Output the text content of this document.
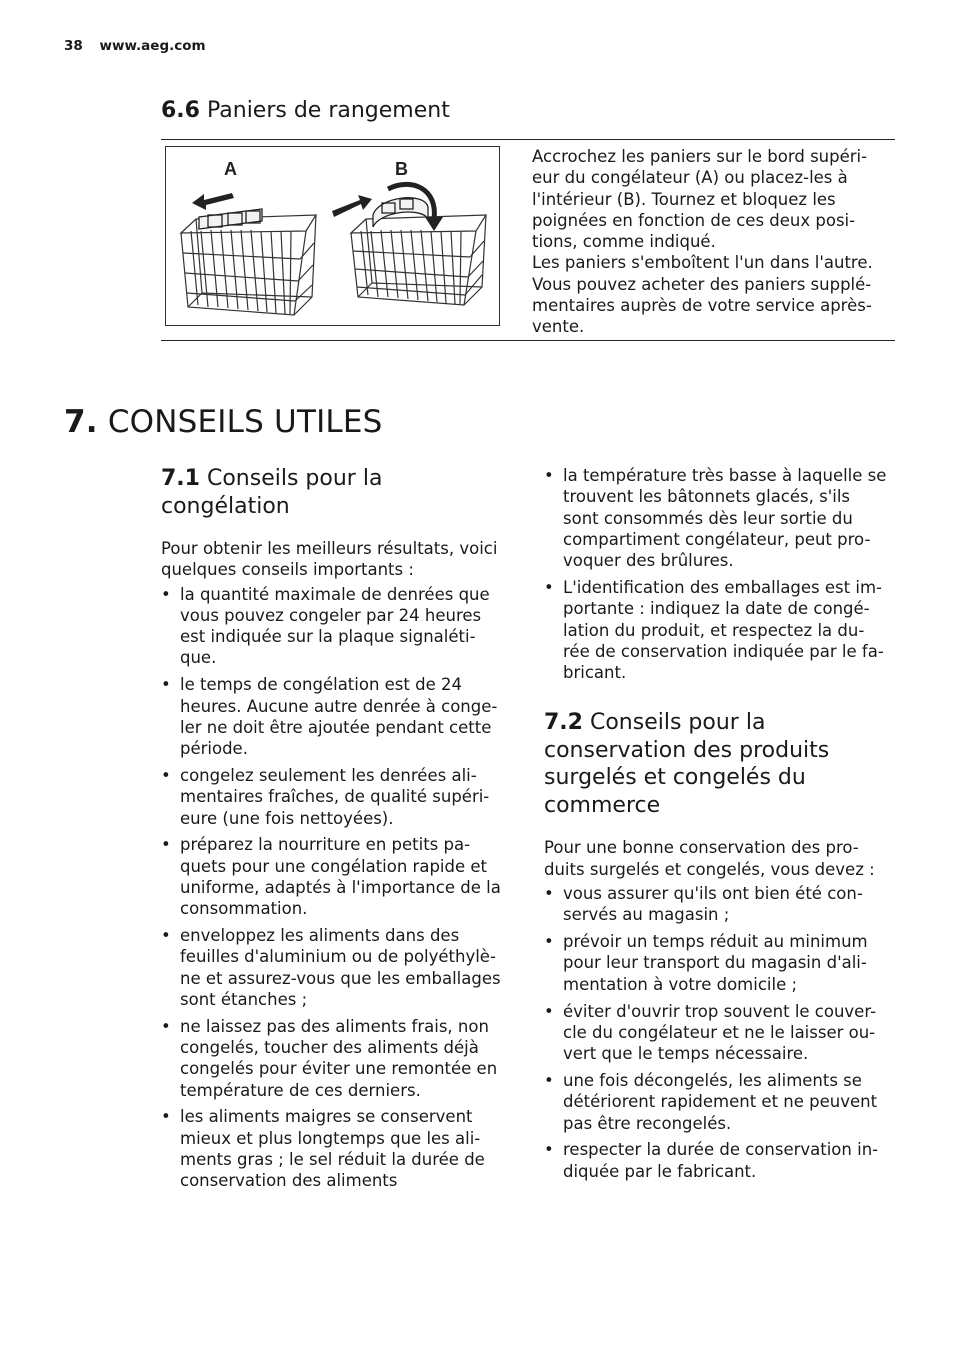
38 www.aeg.com
6.6 Paniers de rangement
A	B
Accrochez les paniers sur le bord supéri-
eur du congélateur (A) ou placez-les à
l'intérieur (B). Tournez et bloquez les
poignées en fonction de ces deux posi-
tions, comme indiqué.
Les paniers s'emboîtent l'un dans l'autre.
Vous pouvez acheter des paniers supplé-
mentaires auprès de votre service après-
vente.
7. CONSEILS UTILES
7.1 Conseils pour la
congélation
Pour obtenir les meilleurs résultats, voici
quelques conseils importants :
• la quantité maximale de denrées que
vous pouvez congeler par 24 heures
est indiquée sur la plaque signaléti-
que.
• le temps de congélation est de 24
heures. Aucune autre denrée à conge-
ler ne doit être ajoutée pendant cette
période.
• congelez seulement les denrées ali-
mentaires fraîches, de qualité supéri-
eure (une fois nettoyées).
• préparez la nourriture en petits pa-
quets pour une congélation rapide et
uniforme, adaptés à l'importance de la
consommation.
• enveloppez les aliments dans des
feuilles d'aluminium ou de polyéthylè-
ne et assurez-vous que les emballages
sont étanches ;
• ne laissez pas des aliments frais, non
congelés, toucher des aliments déjà
congelés pour éviter une remontée en
température de ces derniers.
• les aliments maigres se conservent
mieux et plus longtemps que les ali-
ments gras ; le sel réduit la durée de
conservation des aliments
• la température très basse à laquelle se
trouvent les bâtonnets glacés, s'ils
sont consommés dès leur sortie du
compartiment congélateur, peut pro-
voquer des brûlures.
• L'identification des emballages est im-
portante : indiquez la date de congé-
lation du produit, et respectez la du-
rée de conservation indiquée par le fa-
bricant.
7.2 Conseils pour la
conservation des produits
surgelés et congelés du
commerce
Pour une bonne conservation des pro-
duits surgelés et congelés, vous devez :
• vous assurer qu'ils ont bien été con-
servés au magasin ;
• prévoir un temps réduit au minimum
pour leur transport du magasin d'ali-
mentation à votre domicile ;
• éviter d'ouvrir trop souvent le couver-
cle du congélateur et ne le laisser ou-
vert que le temps nécessaire.
• une fois décongelés, les aliments se
détériorent rapidement et ne peuvent
pas être recongelés.
• respecter la durée de conservation in-
diquée par le fabricant.
